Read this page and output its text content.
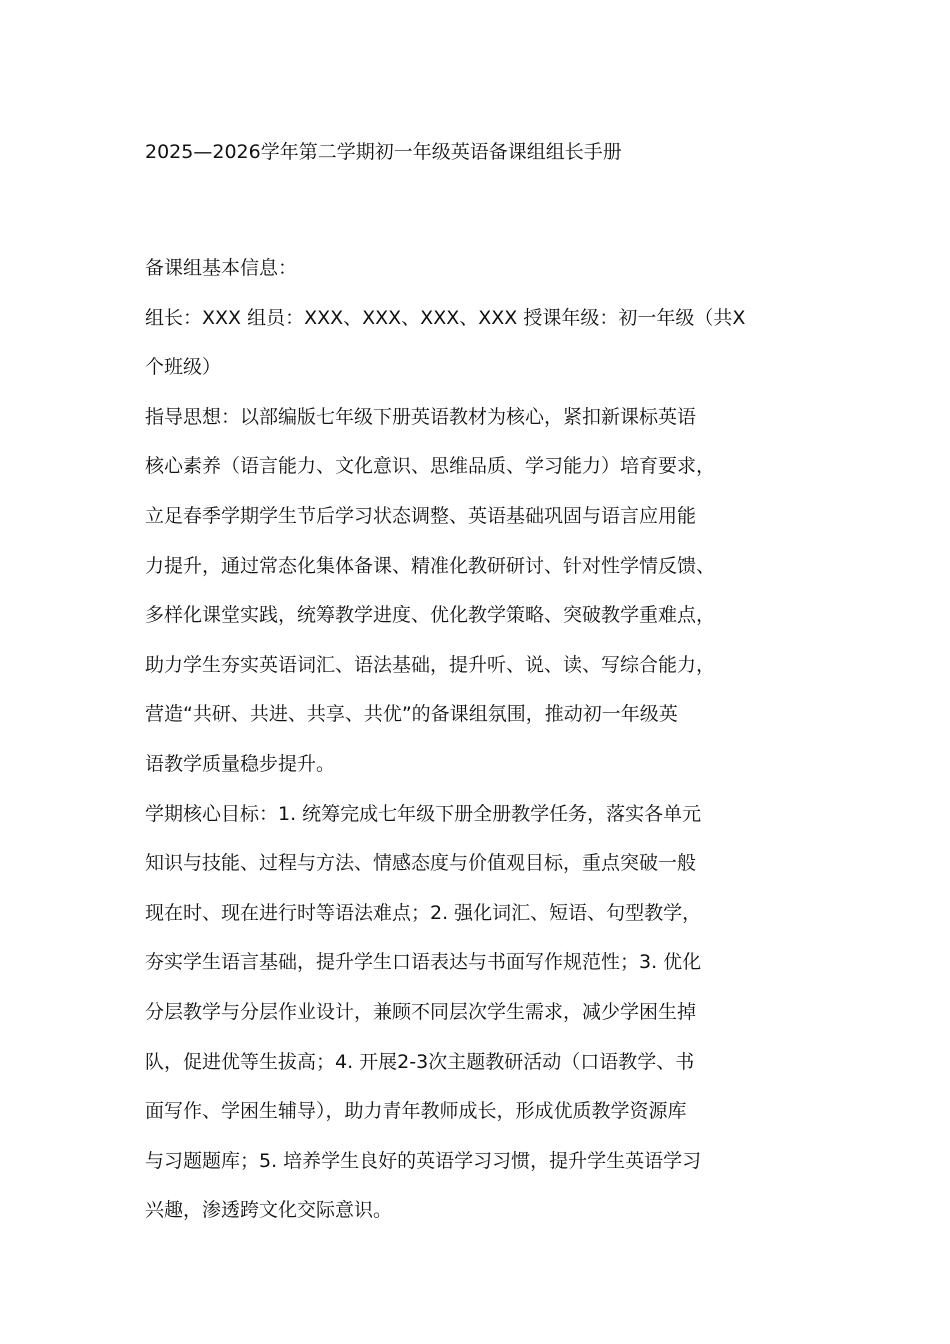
2025—2026学年第二学期初一年级英语备课组组长手册

备课组基本信息：

组长：XXX 组员：XXX、XXX、XXX、XXX 授课年级：初一年级（共X
个班级）

指导思想：以部编版七年级下册英语教材为核心，紧扣新课标英语
核心素养（语言能力、文化意识、思维品质、学习能力）培育要求，
立足春季学期学生节后学习状态调整、英语基础巩固与语言应用能
力提升，通过常态化集体备课、精准化教研研讨、针对性学情反馈、
多样化课堂实践，统筹教学进度、优化教学策略、突破教学重难点，
助力学生夯实英语词汇、语法基础，提升听、说、读、写综合能力，
营造“共研、共进、共享、共优”的备课组氛围，推动初一年级英
语教学质量稳步提升。

学期核心目标：1. 统筹完成七年级下册全册教学任务，落实各单元
知识与技能、过程与方法、情感态度与价值观目标，重点突破一般
现在时、现在进行时等语法难点；2. 强化词汇、短语、句型教学，
夯实学生语言基础，提升学生口语表达与书面写作规范性；3. 优化
分层教学与分层作业设计，兼顾不同层次学生需求，减少学困生掉
队，促进优等生拔高；4. 开展2-3次主题教研活动（口语教学、书
面写作、学困生辅导），助力青年教师成长，形成优质教学资源库
与习题题库；5. 培养学生良好的英语学习习惯，提升学生英语学习
兴趣，渗透跨文化交际意识。
